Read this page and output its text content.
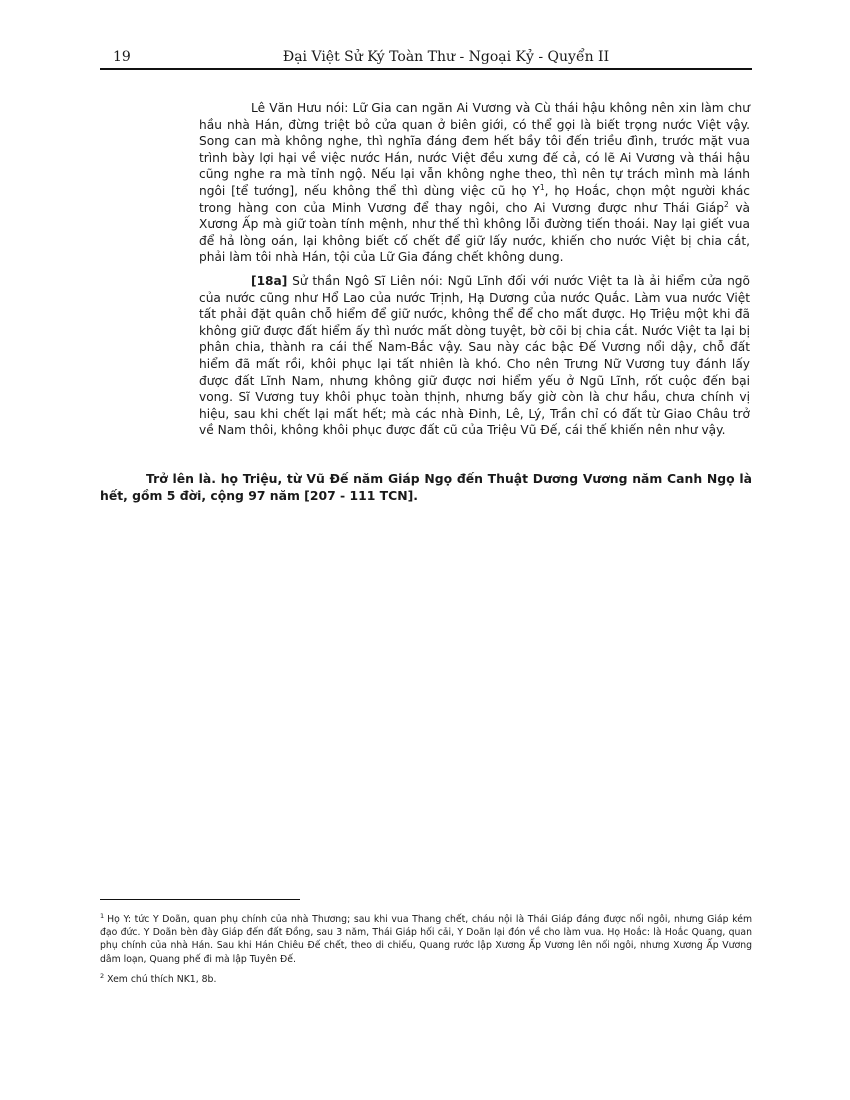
19	Đại Việt Sử Ký Toàn Thư - Ngoại Kỷ - Quyển II

Lê Văn Hưu nói: Lữ Gia can ngăn Ai Vương và Cù thái hậu không nên xin làm chư hầu nhà Hán, đừng triệt bỏ cửa quan ở biên giới, có thể gọi là biết trọng nước Việt vậy. Song can mà không nghe, thì nghĩa đáng đem hết bầy tôi đến triều đình, trước mặt vua trình bày lợi hại về việc nước Hán, nước Việt đều xưng đế cả, có lẽ Ai Vương và thái hậu cũng nghe ra mà tỉnh ngộ. Nếu lại vẫn không nghe theo, thì nên tự trách mình mà lánh ngôi [tể tướng], nếu không thể thì dùng việc cũ họ $Y^1$, họ Hoắc, chọn một người khác trong hàng con của Minh Vương để thay ngôi, cho Ai Vương được như Thái Giáp$^2$ và Xương Ấp mà giữ toàn tính mệnh, như thế thì không lỗi đường tiến thoái. Nay lại giết vua để hả lòng oán, lại không biết cố chết để giữ lấy nước, khiến cho nước Việt bị chia cắt, phải làm tôi nhà Hán, tội của Lữ Gia đáng chết không dung.

[18a] Sử thần Ngô Sĩ Liên nói: Ngũ Lĩnh đối với nước Việt ta là ải hiểm cửa ngõ của nước cũng như Hổ Lao của nước Trịnh, Hạ Dương của nước Quắc. Làm vua nước Việt tất phải đặt quân chỗ hiểm để giữ nước, không thể để cho mất được. Họ Triệu một khi đã không giữ được đất hiểm ấy thì nước mất dòng tuyệt, bờ cõi bị chia cắt. Nước Việt ta lại bị phân chia, thành ra cái thế Nam-Bắc vậy. Sau này các bậc Đế Vương nổi dậy, chỗ đất hiểm đã mất rồi, khôi phục lại tất nhiên là khó. Cho nên Trưng Nữ Vương tuy đánh lấy được đất Lĩnh Nam, nhưng không giữ được nơi hiểm yếu ở Ngũ Lĩnh, rốt cuộc đến bại vong. Sĩ Vương tuy khôi phục toàn thịnh, nhưng bấy giờ còn là chư hầu, chưa chính vị hiệu, sau khi chết lại mất hết; mà các nhà Đinh, Lê, Lý, Trần chỉ có đất từ Giao Châu trở về Nam thôi, không khôi phục được đất cũ của Triệu Vũ Đế, cái thế khiến nên như vậy.

Trở lên là. họ Triệu, từ Vũ Đế năm Giáp Ngọ đến Thuật Dương Vương năm Canh Ngọ là hết, gồm 5 đời, cộng 97 năm [207 - 111 TCN].

$^1$ Họ Y: tức Y Doãn, quan phụ chính của nhà Thương; sau khi vua Thang chết, cháu nội là Thái Giáp đáng được nối ngôi, nhưng Giáp kém đạo đức. Y Doãn bèn đày Giáp đến đất Đồng, sau 3 năm, Thái Giáp hối cải, Y Doãn lại đón về cho làm vua. Họ Hoắc: là Hoắc Quang, quan phụ chính của nhà Hán. Sau khi Hán Chiêu Đế chết, theo di chiếu, Quang rước lập Xương Ấp Vương lên nối ngôi, nhưng Xương Ấp Vương dâm loạn, Quang phế đi mà lập Tuyên Đế.

$^2$ Xem chú thích NK1, 8b.
